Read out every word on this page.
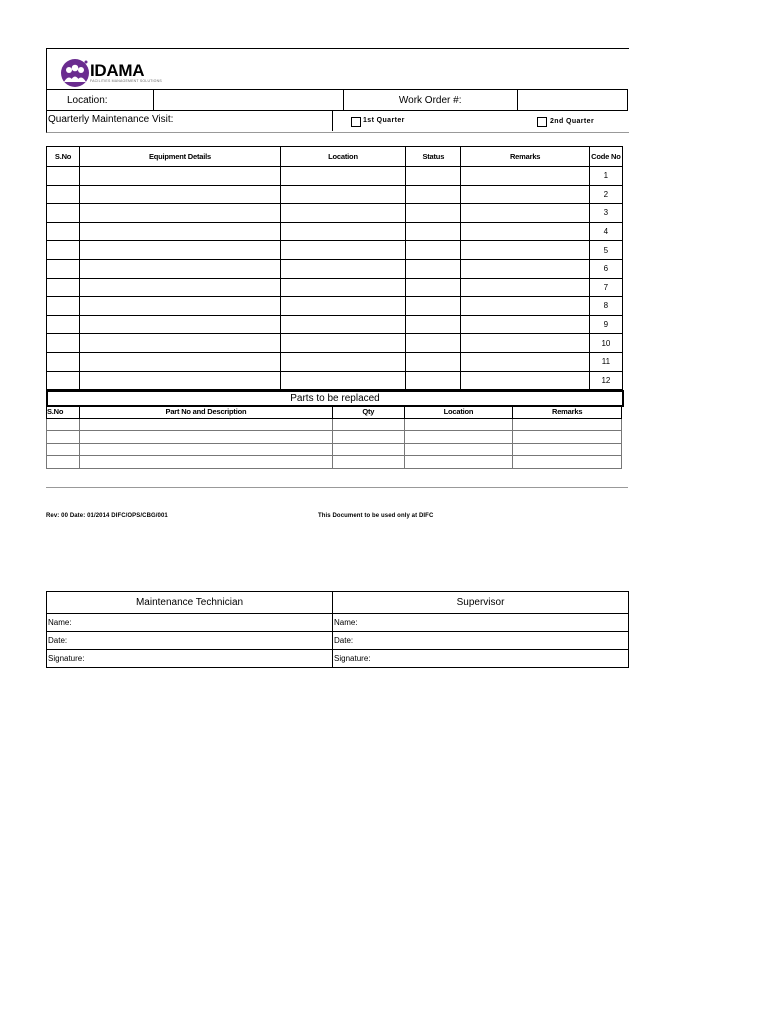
IDAMA
FACILITIES MANAGEMENT SOLUTIONS
Location:		Work Order #:	
Quarterly Maintenance Visit:	1st Quarter	2nd Quarter
S.No	Equipment Details	Location	Status	Remarks	Code No	
					1	
					2	
					3	
					4	
					5	
					6	
					7	
					8	
					9	
					10	
					11	
					12	
Parts to be replaced
S.No	Part No and Description	Qty	Location	Remarks

Rev: 00 Date: 01/2014 DIFC/OPS/CBG/001	This Document to be used only at DIFC
Maintenance Technician	Supervisor
Name:	Name:
Date:	Date:
Signature:	Signature:
